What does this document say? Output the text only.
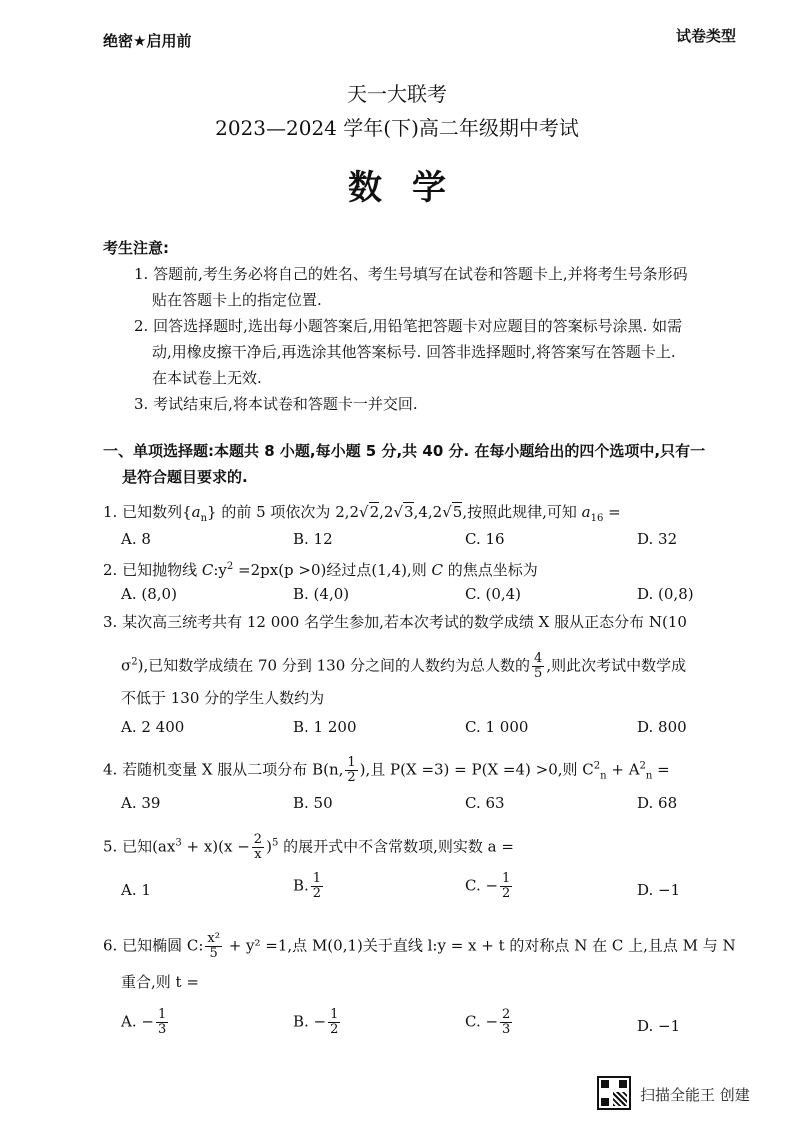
绝密★启用前	试卷类型
天一大联考
2023—2024 学年(下)高二年级期中考试
数学
考生注意:
1. 答题前,考生务必将自己的姓名、考生号填写在试卷和答题卡上,并将考生号条形码
贴在答题卡上的指定位置.
2. 回答选择题时,选出每小题答案后,用铅笔把答题卡对应题目的答案标号涂黑. 如需
动,用橡皮擦干净后,再选涂其他答案标号. 回答非选择题时,将答案写在答题卡上.
在本试卷上无效.
3. 考试结束后,将本试卷和答题卡一并交回.
一、单项选择题:本题共 8 小题,每小题 5 分,共 40 分. 在每小题给出的四个选项中,只有一
是符合题目要求的.
1. 已知数列$\{a_n\}$ 的前 5 项依次为 2,2√2,2√3,4,2√5,按照此规律,可知 $a_{16}$ =
A. 8	B. 12	C. 16	D. 32
2. 已知抛物线 $C:y^2 =2px(p >0)$经过点(1,4),则 C 的焦点坐标为
A. (8,0)	B. (4,0)	C. (0,4)	D. (0,8)
3. 某次高三统考共有 12 000 名学生参加,若本次考试的数学成绩 X 服从正态分布 N(10
$\sigma^2$),已知数学成绩在 70 分到 130 分之间的人数约为总人数的 $\frac{4}{5}$ ,则此次考试中数学成
不低于 130 分的学生人数约为
A. 2 400	B. 1 200	C. 1 000	D. 800
4. 若随机变量 X 服从二项分布 B(n, $\frac{1}{2}$ ),且 P(X =3) = P(X =4) >0,则 $C^2_n + A^2_n$ =
A. 39	B. 50	C. 63	D. 68
5. 已知$(ax^3 + x)(x - \frac{2}{x} )^5$ 的展开式中不含常数项,则实数 a =
A. 1	B. $\frac{1}{2}$	C. − $\frac{1}{2}$	D. −1
6. 已知椭圆 C: $\frac{\text{x²}}{5} + y^2 =1$,点 M(0,1)关于直线 l:y = x + t 的对称点 N 在 C 上,且点 M 与 N
重合,则 t =
A. − $\frac{1}{3}$	B. − $\frac{1}{2}$	C. − $\frac{2}{3}$	D. −1
扫描全能王 创建
